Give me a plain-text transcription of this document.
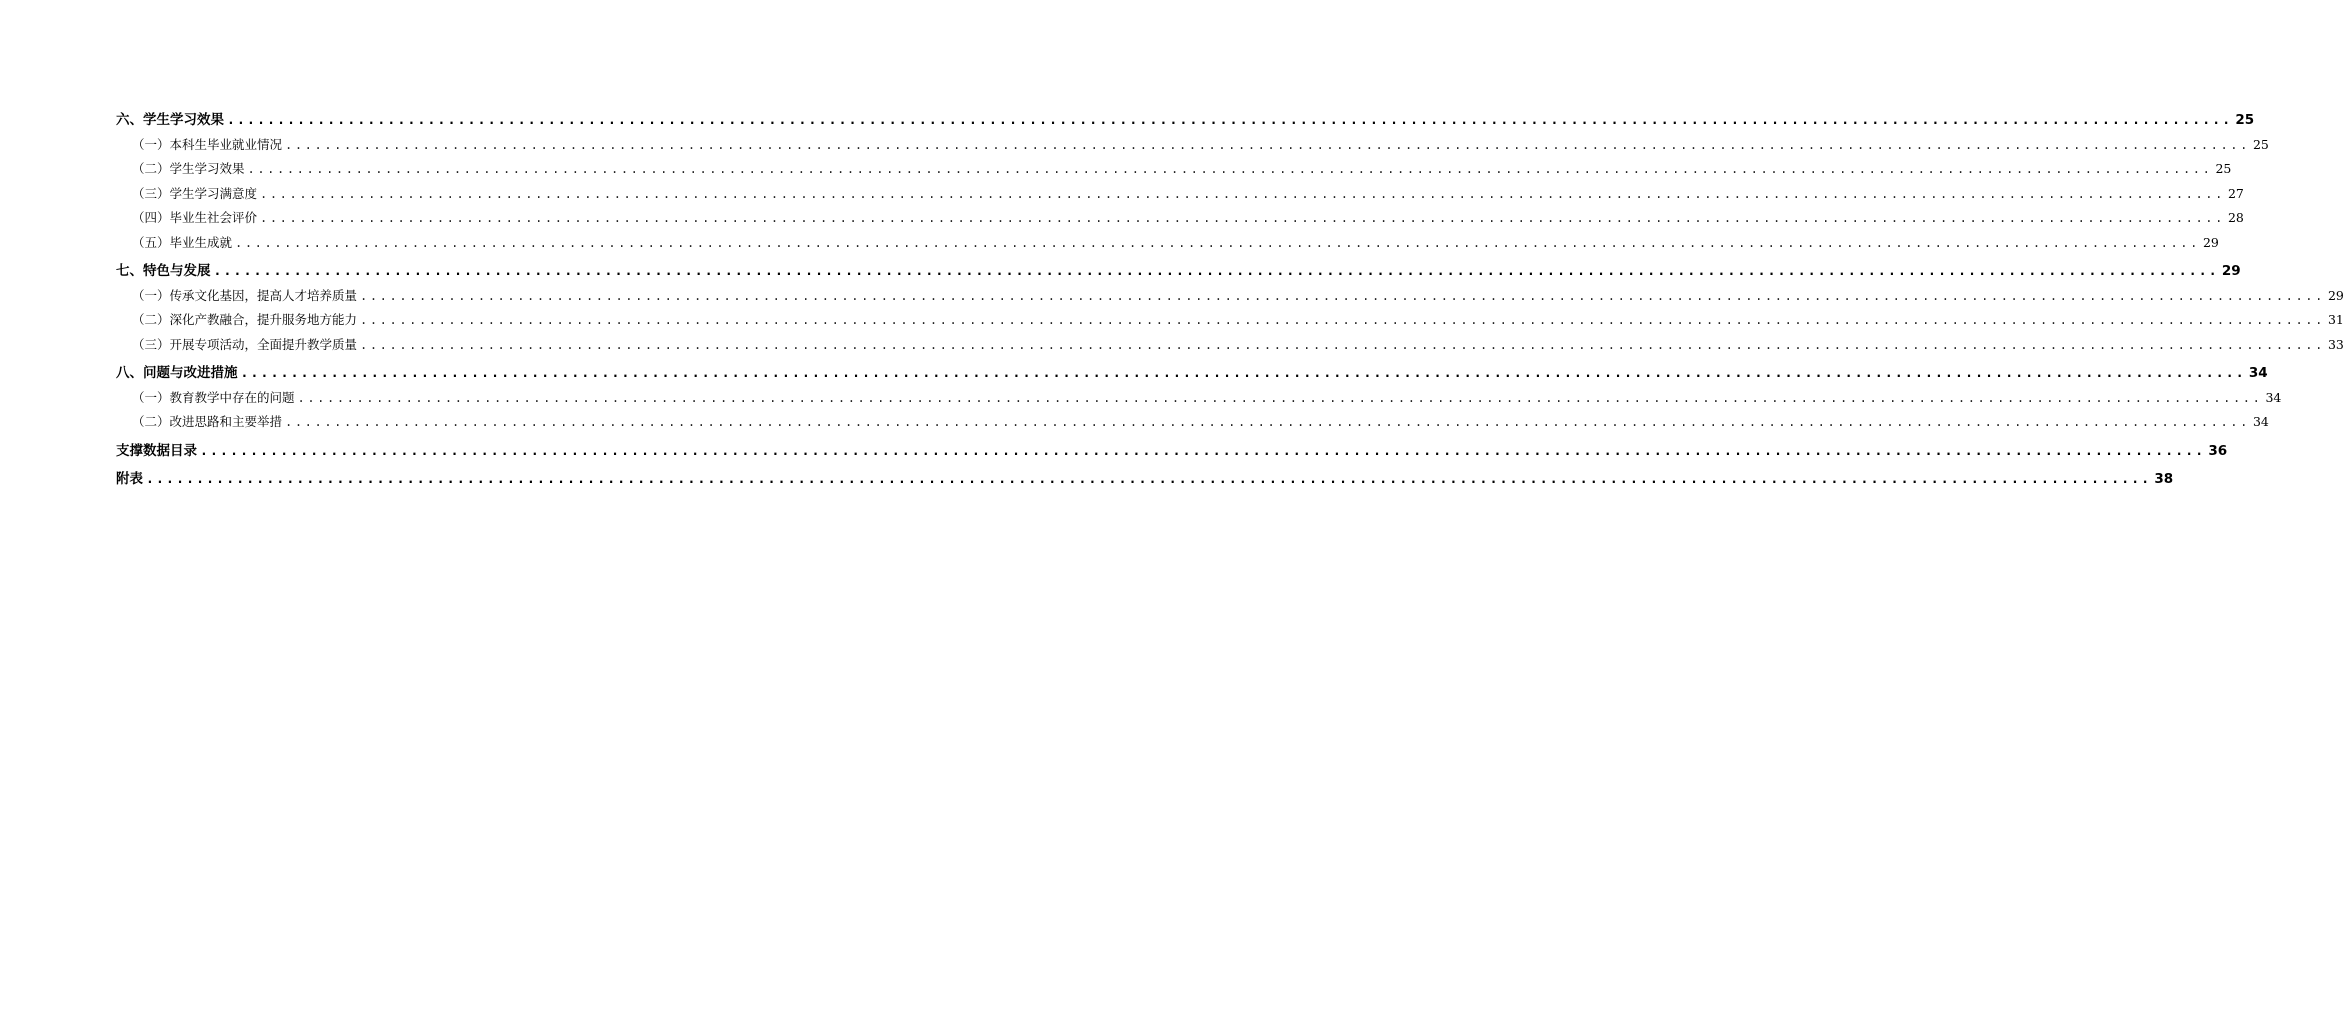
六、学生学习效果 ........................................................................................................................................................................................................ 25
（一）本科生毕业就业情况 ........................................................................................................................................................................................................ 25
（二）学生学习效果 ........................................................................................................................................................................................................ 25
（三）学生学习满意度 ........................................................................................................................................................................................................ 27
（四）毕业生社会评价 ........................................................................................................................................................................................................ 28
（五）毕业生成就 ........................................................................................................................................................................................................ 29
七、特色与发展 ........................................................................................................................................................................................................ 29
（一）传承文化基因，提高人才培养质量 ........................................................................................................................................................................................................ 29
（二）深化产教融合，提升服务地方能力 ........................................................................................................................................................................................................ 31
（三）开展专项活动，全面提升教学质量 ........................................................................................................................................................................................................ 33
八、问题与改进措施 ........................................................................................................................................................................................................ 34
（一）教育教学中存在的问题 ........................................................................................................................................................................................................ 34
（二）改进思路和主要举措 ........................................................................................................................................................................................................ 34
支撑数据目录 ........................................................................................................................................................................................................ 36
附表 ........................................................................................................................................................................................................ 38
